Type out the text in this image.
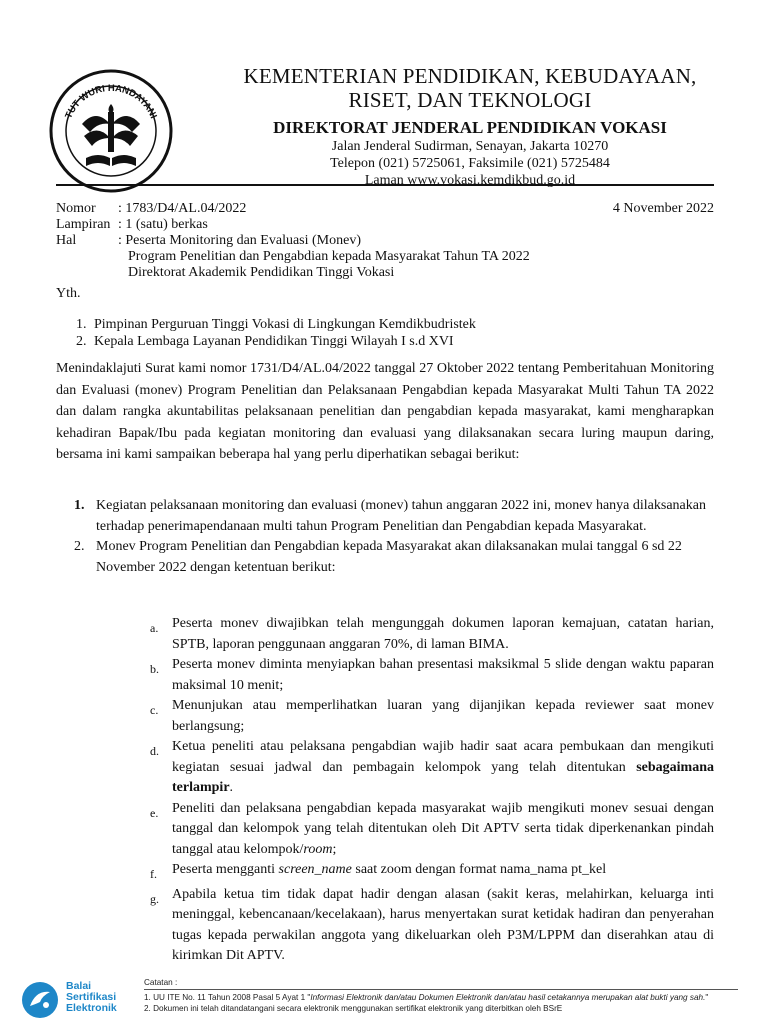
TUT WURI HANDAYANI
KEMENTERIAN PENDIDIKAN, KEBUDAYAAN,
RISET, DAN TEKNOLOGI
DIREKTORAT JENDERAL PENDIDIKAN VOKASI
Jalan Jenderal Sudirman, Senayan, Jakarta 10270
Telepon (021) 5725061, Faksimile (021) 5725484
Laman www.vokasi.kemdikbud.go.id
4 November 2022
Nomor	: 1783/D4/AL.04/2022
Lampiran : 1 (satu) berkas
Hal	: Peserta Monitoring dan Evaluasi (Monev)
Program Penelitian dan Pengabdian kepada Masyarakat Tahun TA 2022
Direktorat Akademik Pendidikan Tinggi Vokasi
Yth.
1. Pimpinan Perguruan Tinggi Vokasi di Lingkungan Kemdikbudristek
2. Kepala Lembaga Layanan Pendidikan Tinggi Wilayah I s.d XVI
Menindaklajuti Surat kami nomor 1731/D4/AL.04/2022 tanggal 27 Oktober 2022 tentang Pemberitahuan Monitoring dan Evaluasi (monev) Program Penelitian dan Pelaksanaan Pengabdian kepada Masyarakat Multi Tahun TA 2022 dan dalam rangka akuntabilitas pelaksanaan penelitian dan pengabdian kepada masyarakat, kami mengharapkan kehadiran Bapak/Ibu pada kegiatan monitoring dan evaluasi yang dilaksanakan secara luring maupun daring, bersama ini kami sampaikan beberapa hal yang perlu diperhatikan sebagai berikut:
1. Kegiatan pelaksanaan monitoring dan evaluasi (monev) tahun anggaran 2022 ini, monev hanya dilaksanakan terhadap penerimapendanaan multi tahun Program Penelitian dan Pengabdian kepada Masyarakat.
2. Monev Program Penelitian dan Pengabdian kepada Masyarakat akan dilaksanakan mulai tanggal 6 sd 22 November 2022 dengan ketentuan berikut:
a. Peserta monev diwajibkan telah mengunggah dokumen laporan kemajuan, catatan harian, SPTB, laporan penggunaan anggaran 70%, di laman BIMA.
b. Peserta monev diminta menyiapkan bahan presentasi maksikmal 5 slide dengan waktu paparan maksimal 10 menit;
c. Menunjukan atau memperlihatkan luaran yang dijanjikan kepada reviewer saat monev berlangsung;
d. Ketua peneliti atau pelaksana pengabdian wajib hadir saat acara pembukaan dan mengikuti kegiatan sesuai jadwal dan pembagain kelompok yang telah ditentukan sebagaimana terlampir.
e. Peneliti dan pelaksana pengabdian kepada masyarakat wajib mengikuti monev sesuai dengan tanggal dan kelompok yang telah ditentukan oleh Dit APTV serta tidak diperkenankan pindah tanggal atau kelompok/room;
f.	Peserta mengganti screen_name saat zoom dengan format nama_nama pt_kel
g. Apabila ketua tim tidak dapat hadir dengan alasan (sakit keras, melahirkan, keluarga inti meninggal, kebencanaan/kecelakaan), harus menyertakan surat ketidak hadiran dan penyerahan tugas kepada perwakilan anggota yang dikeluarkan oleh P3M/LPPM dan diserahkan atau di kirimkan Dit APTV.
Balai
Sertifikasi
Elektronik
Catatan :
1. UU ITE No. 11 Tahun 2008 Pasal 5 Ayat 1 "Informasi Elektronik dan/atau Dokumen Elektronik dan/atau hasil cetakannya merupakan alat bukti yang sah."
2. Dokumen ini telah ditandatangani secara elektronik menggunakan sertifikat elektronik yang diterbitkan oleh BSrE
